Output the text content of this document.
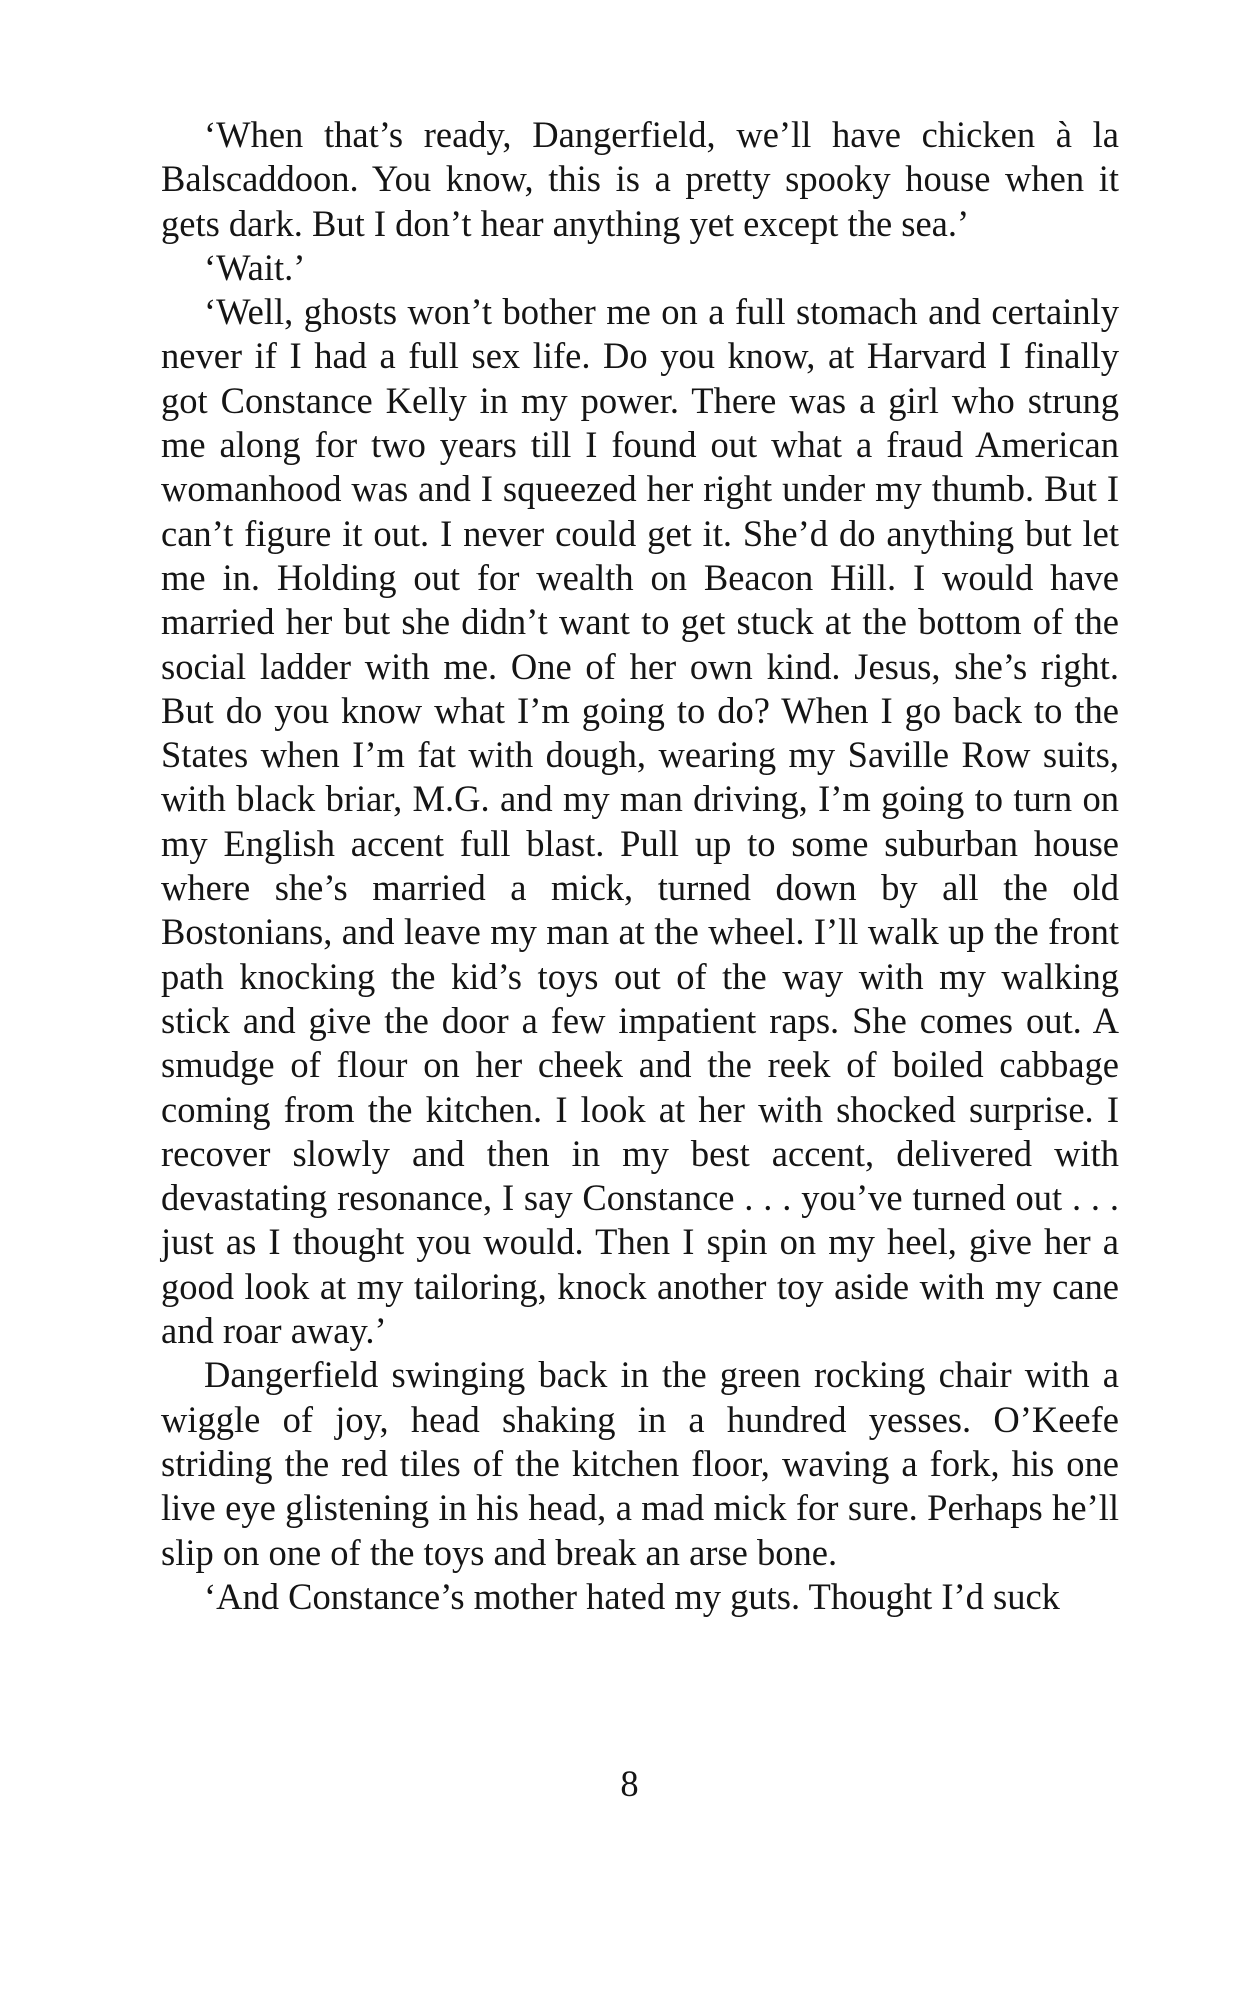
‘When that’s ready, Dangerfield, we’ll have chicken à la Balscaddoon. You know, this is a pretty spooky house when it gets dark. But I don’t hear anything yet except the sea.’

‘Wait.’

‘Well, ghosts won’t bother me on a full stomach and certainly never if I had a full sex life. Do you know, at Harvard I finally got Constance Kelly in my power. There was a girl who strung me along for two years till I found out what a fraud American womanhood was and I squeezed her right under my thumb. But I can’t figure it out. I never could get it. She’d do anything but let me in. Holding out for wealth on Beacon Hill. I would have married her but she didn’t want to get stuck at the bottom of the social ladder with me. One of her own kind. Jesus, she’s right. But do you know what I’m going to do? When I go back to the States when I’m fat with dough, wearing my Saville Row suits, with black briar, M.G. and my man driving, I’m going to turn on my English accent full blast. Pull up to some suburban house where she’s married a mick, turned down by all the old Bostonians, and leave my man at the wheel. I’ll walk up the front path knocking the kid’s toys out of the way with my walking stick and give the door a few impatient raps. She comes out. A smudge of flour on her cheek and the reek of boiled cabbage coming from the kitchen. I look at her with shocked surprise. I recover slowly and then in my best accent, delivered with devastating resonance, I say Constance . . . you’ve turned out . . . just as I thought you would. Then I spin on my heel, give her a good look at my tailoring, knock another toy aside with my cane and roar away.’

Dangerfield swinging back in the green rocking chair with a wiggle of joy, head shaking in a hundred yesses. O’Keefe striding the red tiles of the kitchen floor, waving a fork, his one live eye glistening in his head, a mad mick for sure. Perhaps he’ll slip on one of the toys and break an arse bone.

‘And Constance’s mother hated my guts. Thought I’d suck

8
